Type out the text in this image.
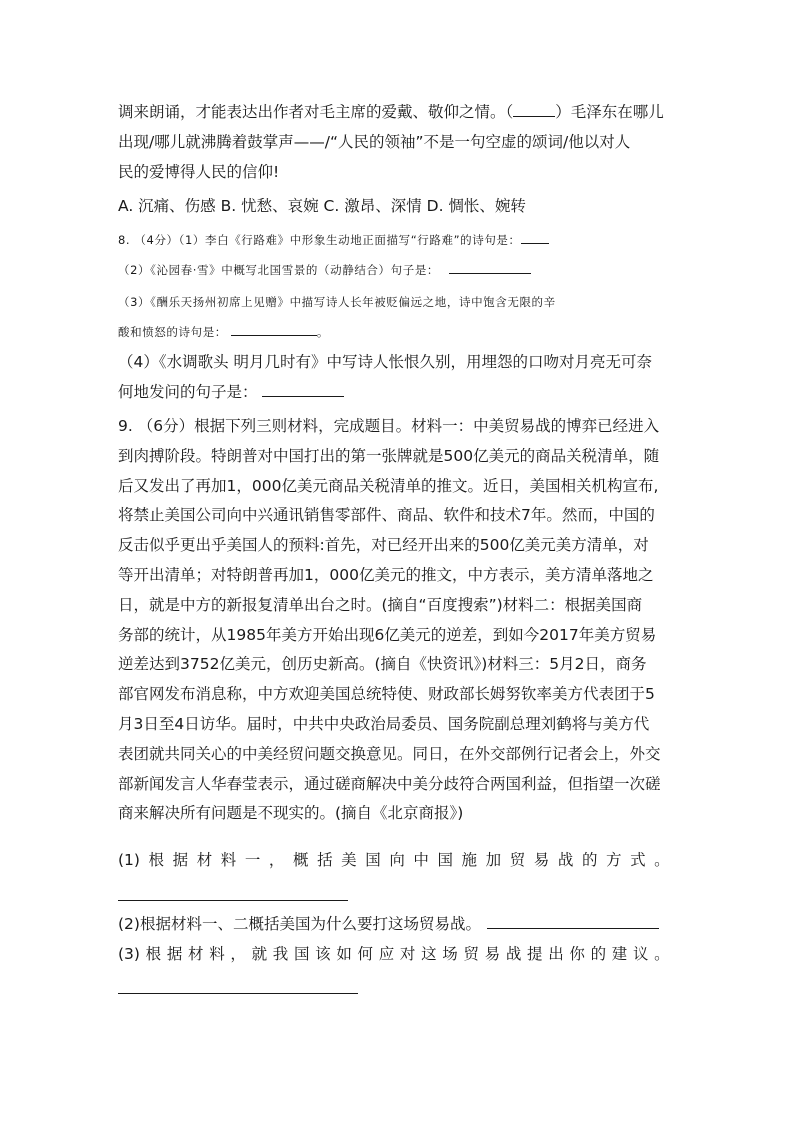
调来朗诵，才能表达出作者对毛主席的爱戴、敬仰之情。（	）毛泽东在哪儿
出现/哪儿就沸腾着鼓掌声——/“人民的领袖”不是一句空虚的颂词/他以对人
民的爱博得人民的信仰!
A. 沉痛、伤感 B. 忧愁、哀婉 C. 激昂、深情 D. 惆怅、婉转
8. （4分）（1）李白《行路难》中形象生动地正面描写“行路难”的诗句是：
（2）《沁园春·雪》中概写北国雪景的（动静结合）句子是：
（3）《酬乐天扬州初席上见赠》中描写诗人长年被贬偏远之地，诗中饱含无限的辛
酸和愤怒的诗句是：	。
（4）《水调歌头 明月几时有》中写诗人怅恨久别，用埋怨的口吻对月亮无可奈
何地发问的句子是：
9. （6分）根据下列三则材料，完成题目。材料一：中美贸易战的博弈已经进入
到肉搏阶段。特朗普对中国打出的第一张牌就是500亿美元的商品关税清单，随
后又发出了再加1，000亿美元商品关税清单的推文。近日，美国相关机构宣布,
将禁止美国公司向中兴通讯销售零部件、商品、软件和技术7年。然而，中国的
反击似乎更出乎美国人的预料:首先，对已经开出来的500亿美元美方清单，对
等开出清单；对特朗普再加1，000亿美元的推文，中方表示，美方清单落地之
日，就是中方的新报复清单出台之时。(摘自“百度搜索”)材料二：根据美国商
务部的统计，从1985年美方开始出现6亿美元的逆差，到如今2017年美方贸易
逆差达到3752亿美元，创历史新高。(摘自《快资讯》)材料三：5月2日，商务
部官网发布消息称，中方欢迎美国总统特使、财政部长姆努钦率美方代表团于5
月3日至4日访华。届时，中共中央政治局委员、国务院副总理刘鹤将与美方代
表团就共同关心的中美经贸问题交换意见。同日，在外交部例行记者会上，外交
部新闻发言人华春莹表示，通过磋商解决中美分歧符合两国利益，但指望一次磋
商来解决所有问题是不现实的。(摘自《北京商报》)
(1) 根 据 材 料 一 ， 概 括 美 国 向 中 国 施 加 贸 易 战 的 方 式 。
(2)根据材料一、二概括美国为什么要打这场贸易战。
(3) 根 据 材 料 ， 就 我 国 该 如 何 应 对 这 场 贸 易 战 提 出 你 的 建 议 。
